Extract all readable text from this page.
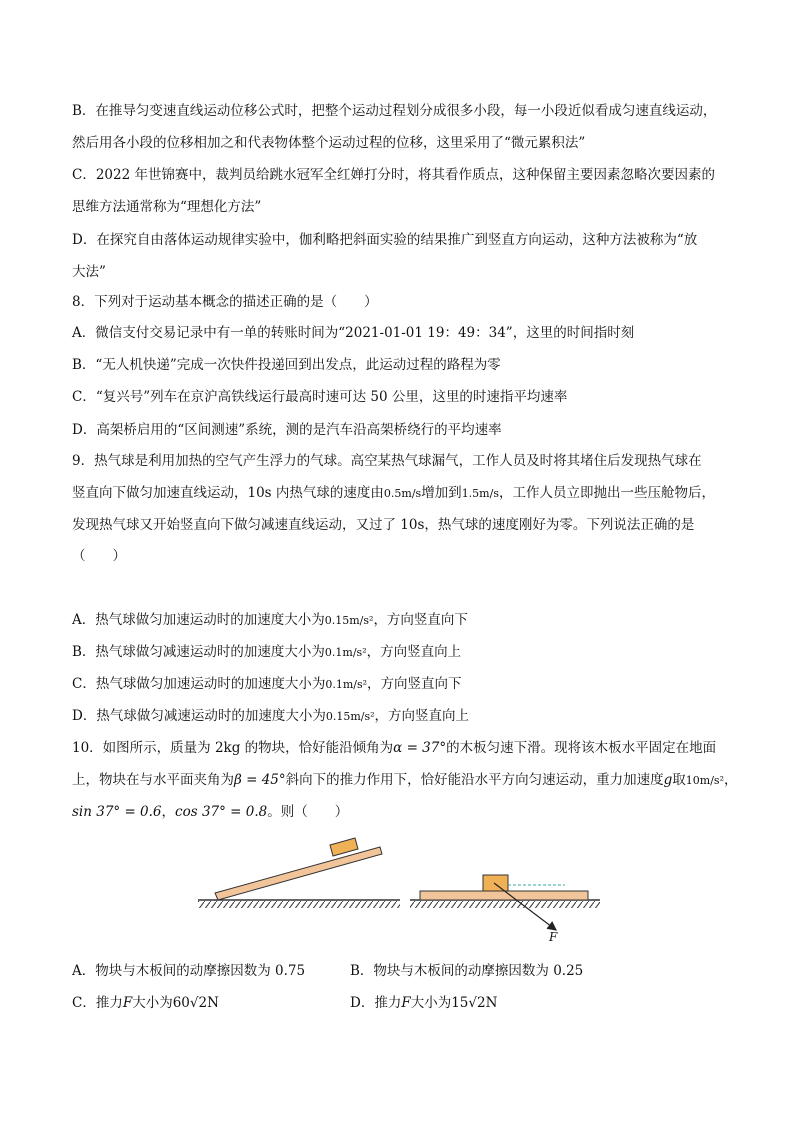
B．在推导匀变速直线运动位移公式时，把整个运动过程划分成很多小段，每一小段近似看成匀速直线运动，
然后用各小段的位移相加之和代表物体整个运动过程的位移，这里采用了“微元累积法”
C．2022 年世锦赛中，裁判员给跳水冠军全红婵打分时，将其看作质点，这种保留主要因素忽略次要因素的
思维方法通常称为“理想化方法”
D．在探究自由落体运动规律实验中，伽利略把斜面实验的结果推广到竖直方向运动，这种方法被称为“放
大法”
8．下列对于运动基本概念的描述正确的是（　　）
A．微信支付交易记录中有一单的转账时间为“2021-01-01 19：49：34”，这里的时间指时刻
B．“无人机快递”完成一次快件投递回到出发点，此运动过程的路程为零
C．“复兴号”列车在京沪高铁线运行最高时速可达 50 公里，这里的时速指平均速率
D．高架桥启用的“区间测速”系统，测的是汽车沿高架桥绕行的平均速率
9．热气球是利用加热的空气产生浮力的气球。高空某热气球漏气，工作人员及时将其堵住后发现热气球在
竖直向下做匀加速直线运动，10s 内热气球的速度由0.5m/s增加到1.5m/s，工作人员立即抛出一些压舱物后，
发现热气球又开始竖直向下做匀减速直线运动，又过了 10s，热气球的速度刚好为零。下列说法正确的是
（　　）
A．热气球做匀加速运动时的加速度大小为0.15m/s²，方向竖直向下
B．热气球做匀减速运动时的加速度大小为0.1m/s²，方向竖直向上
C．热气球做匀加速运动时的加速度大小为0.1m/s²，方向竖直向下
D．热气球做匀减速运动时的加速度大小为0.15m/s²，方向竖直向上
10．如图所示，质量为 2kg 的物块，恰好能沿倾角为α = 37°的木板匀速下滑。现将该木板水平固定在地面
上，物块在与水平面夹角为β = 45°斜向下的推力作用下，恰好能沿水平方向匀速运动，重力加速度g取10m/s²，
sin 37° = 0.6，cos 37° = 0.8。则（　　）
F
A．物块与木板间的动摩擦因数为 0.75	B．物块与木板间的动摩擦因数为 0.25
C．推力F大小为60√2N	D．推力F大小为15√2N
